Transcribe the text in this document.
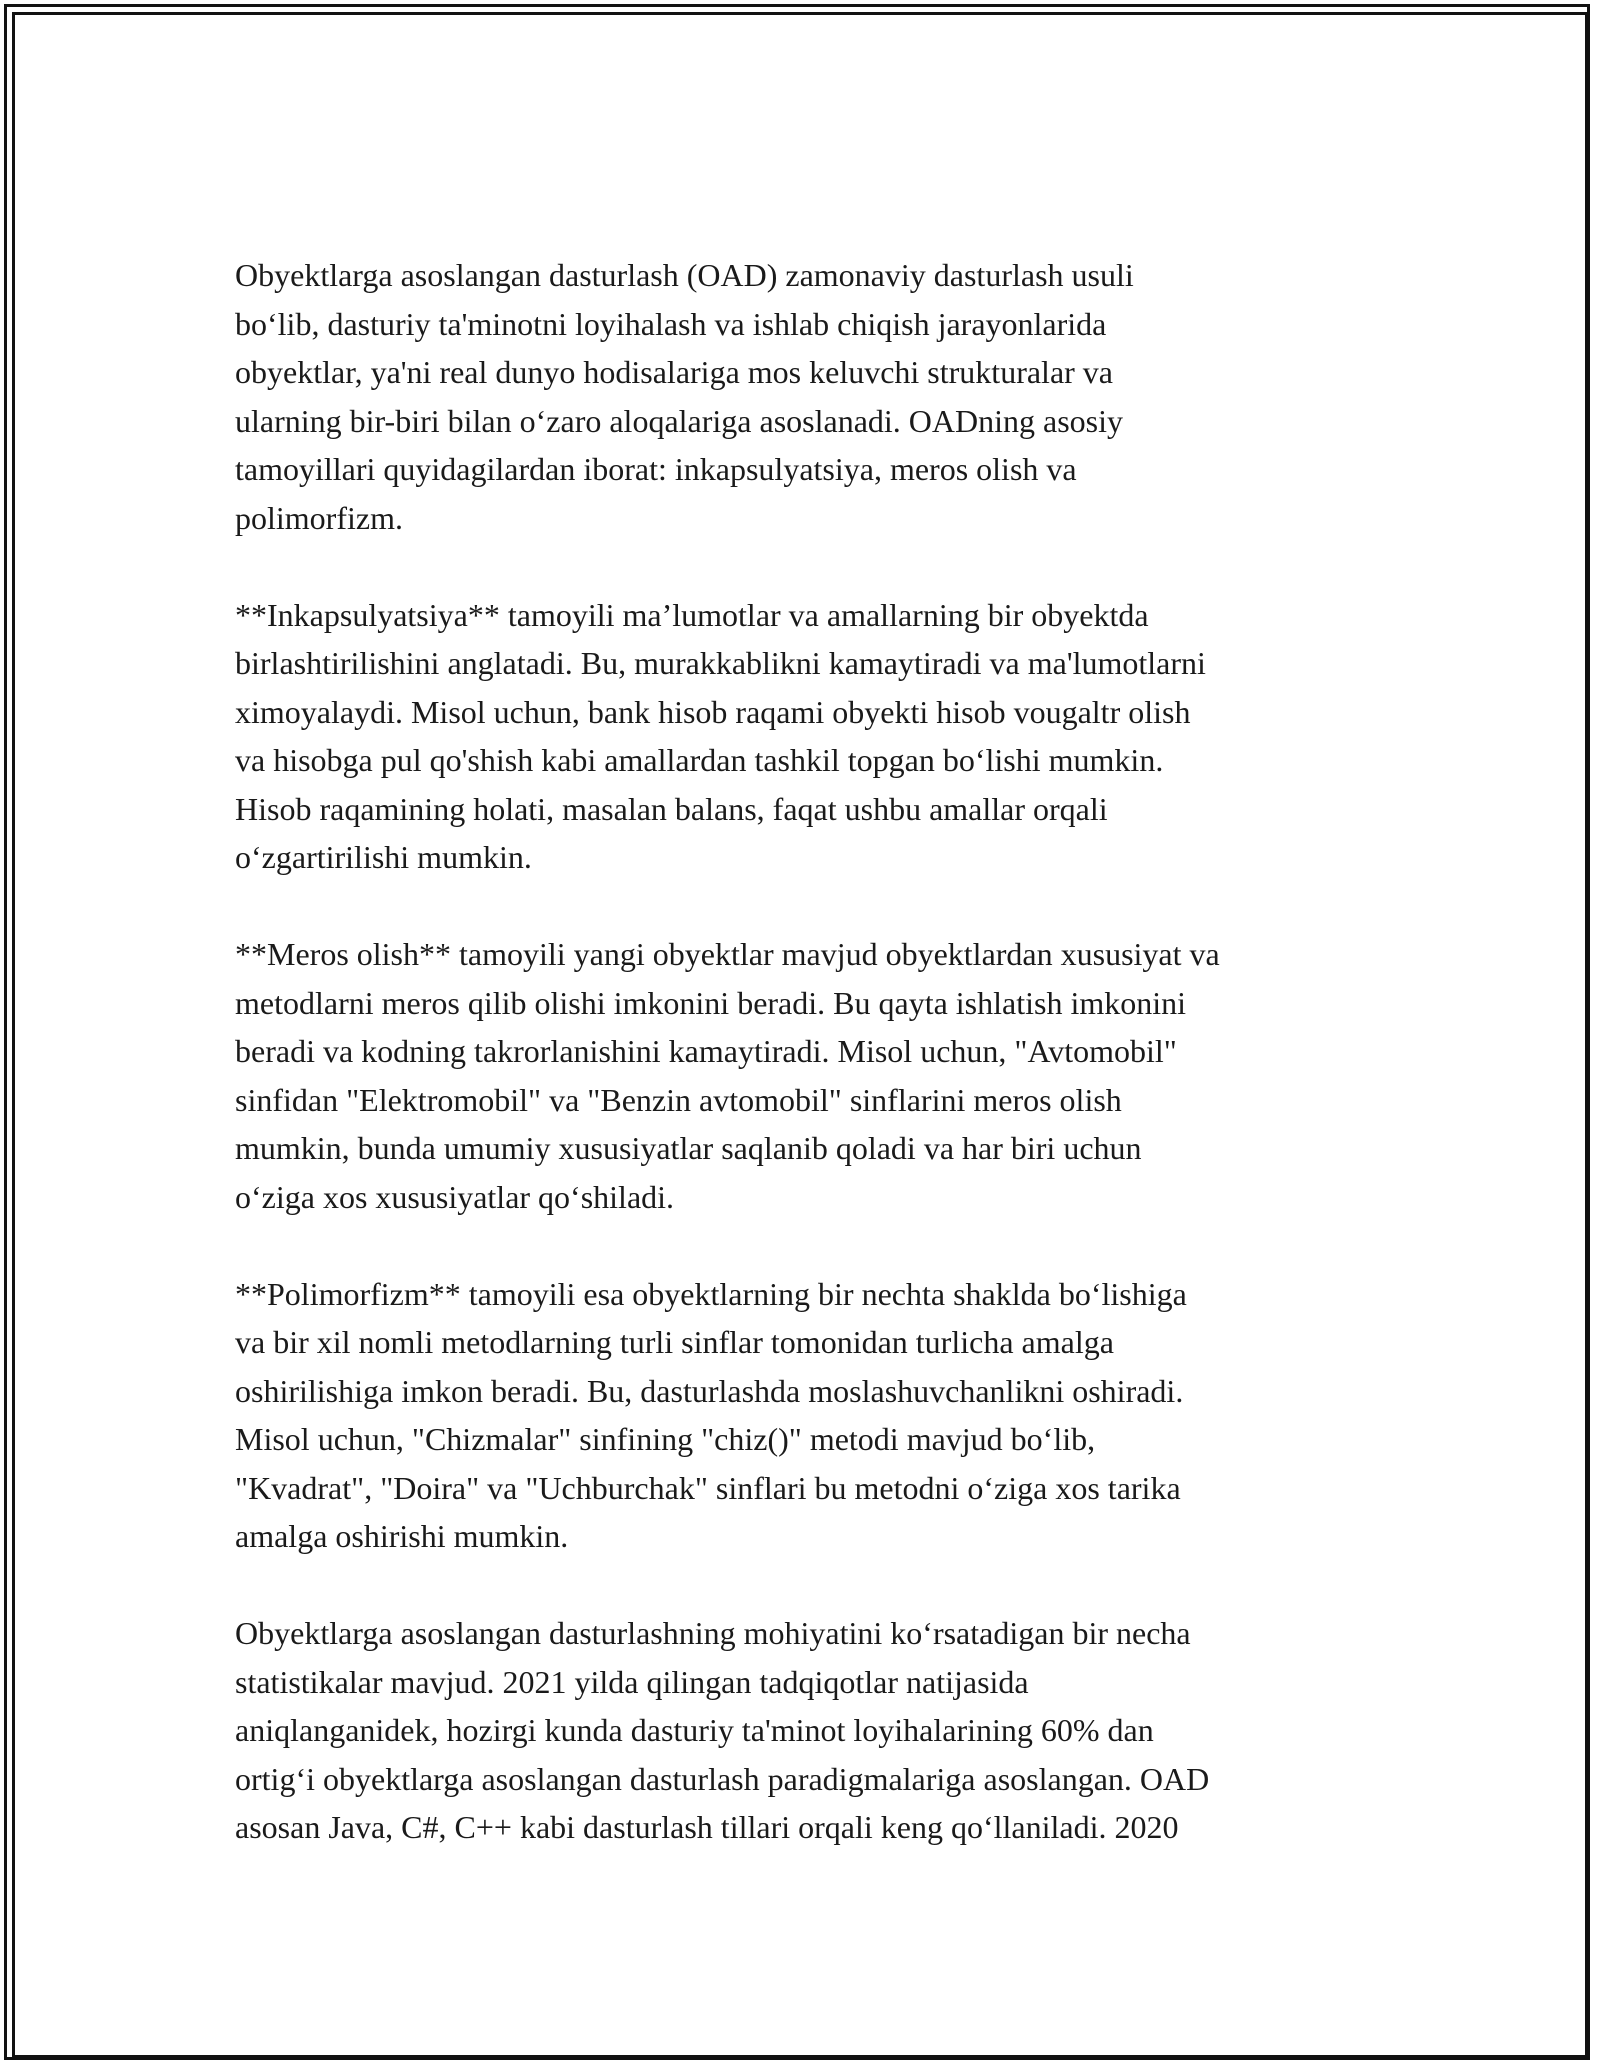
Obyektlarga asoslangan dasturlash (OAD) zamonaviy dasturlash usuli
bo‘lib, dasturiy ta'minotni loyihalash va ishlab chiqish jarayonlarida
obyektlar, ya'ni real dunyo hodisalariga mos keluvchi strukturalar va
ularning bir-biri bilan o‘zaro aloqalariga asoslanadi. OADning asosiy
tamoyillari quyidagilardan iborat: inkapsulyatsiya, meros olish va
polimorfizm.
**Inkapsulyatsiya** tamoyili ma’lumotlar va amallarning bir obyektda
birlashtirilishini anglatadi. Bu, murakkablikni kamaytiradi va ma'lumotlarni
ximoyalaydi. Misol uchun, bank hisob raqami obyekti hisob vougaltr olish
va hisobga pul qo'shish kabi amallardan tashkil topgan bo‘lishi mumkin.
Hisob raqamining holati, masalan balans, faqat ushbu amallar orqali
o‘zgartirilishi mumkin.
**Meros olish** tamoyili yangi obyektlar mavjud obyektlardan xususiyat va
metodlarni meros qilib olishi imkonini beradi. Bu qayta ishlatish imkonini
beradi va kodning takrorlanishini kamaytiradi. Misol uchun, "Avtomobil"
sinfidan "Elektromobil" va "Benzin avtomobil" sinflarini meros olish
mumkin, bunda umumiy xususiyatlar saqlanib qoladi va har biri uchun
o‘ziga xos xususiyatlar qo‘shiladi.
**Polimorfizm** tamoyili esa obyektlarning bir nechta shakldа bo‘lishiga
va bir xil nomli metodlarning turli sinflar tomonidan turlicha amalga
oshirilishiga imkon beradi. Bu, dasturlashda moslashuvchanlikni oshiradi.
Misol uchun, "Chizmalar" sinfining "chiz()" metodi mavjud bo‘lib,
"Kvadrat", "Doira" va "Uchburchak" sinflari bu metodni o‘ziga xos tarika
amalga oshirishi mumkin.
Obyektlarga asoslangan dasturlashning mohiyatini ko‘rsatadigan bir necha
statistikalar mavjud. 2021 yilda qilingan tadqiqotlar natijasida
aniqlanganidek, hozirgi kunda dasturiy ta'minot loyihalarining 60% dan
ortig‘i obyektlarga asoslangan dasturlash paradigmalariga asoslangan. OAD
asosan Java, C#, C++ kabi dasturlash tillari orqali keng qo‘llaniladi. 2020
